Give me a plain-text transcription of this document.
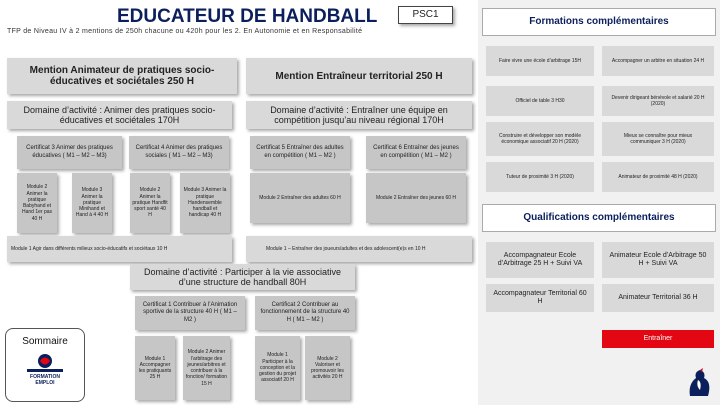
EDUCATEUR DE HANDBALL	PSC1
TFP de Niveau IV à 2 mentions de 250h chacune ou 420h pour les 2. En Autonomie et en Responsabilité
Mention Animateur de pratiques socio-éducatives et sociétales 250 H
Domaine d’activité : Animer des pratiques socio-éducatives et sociétales 170H
Certificat 3 Animer des pratiques éducatives ( M1 – M2 – M3)
Certificat 4 Animer des pratiques sociales ( M1 – M2 – M3)
Module 2 Animer la pratique Babyhand et Hand 1er pas 40 H
Module 3 Animer la pratique Minihand et Hand à 4 40 H
Module 2 Animer la pratique Handfit sport santé 40 H
Module 3 Animer la pratique Handensemble handball et handicap 40 H
Module 1 Agir dans différents milieux socio-éducatifs et sociétaux 10 H
Mention Entraîneur territorial 250 H
Domaine d’activité : Entraîner une équipe en compétition jusqu’au niveau régional 170H
Certificat 5 Entraîner des adultes en compétition ( M1 – M2 )
Certificat 6 Entraîner des jeunes en compétition ( M1 – M2 )
Module 2 Entraîner des adultes 60 H	Module 2 Entraîner des jeunes 60 H
Module 1 – Entraîner des joueurs/adultes et des adolescent(e)s en 10 H
Domaine d’activité : Participer à la vie associative d’une structure de handball 80H
Certificat 1 Contribuer à l’Animation sportive de la structure 40 H ( M1 – M2 )
Certificat 2 Contribuer au fonctionnement de la structure 40 H ( M1 – M2 )
Module 1 Accompagner les pratiquants 25 H
Module 2 Animer l’arbitrage des jeunes/arbitres et contribuer à la fonction/ formation 15 H
Module 1 Participer à la conception et la gestion du projet associatif 20 H
Module 2 Valoriser et promouvoir les activités 20 H
Sommaire
FORMATION EMPLOI
Formations complémentaires
Faire vivre une école d’arbitrage 15H	Accompagner un arbitre en situation 24 H
Officiel de table 3 H30
Devenir dirigeant bénévole et salarié 20 H (2020)
Construire et développer son modèle économique associatif 20 H (2020)
Mieux se connaître pour mieux communiquer 3 H (2020)
Tuteur de proximité 3 H (2020)	Animateur de proximité 48 H (2020)
Qualifications complémentaires
Accompagnateur Ecole d’Arbitrage 25 H + Suivi VA
Animateur Ecole d’Arbitrage 50 H + Suivi VA
Accompagnateur Territorial 60 H
Animateur Territorial 36 H
Entraîner
